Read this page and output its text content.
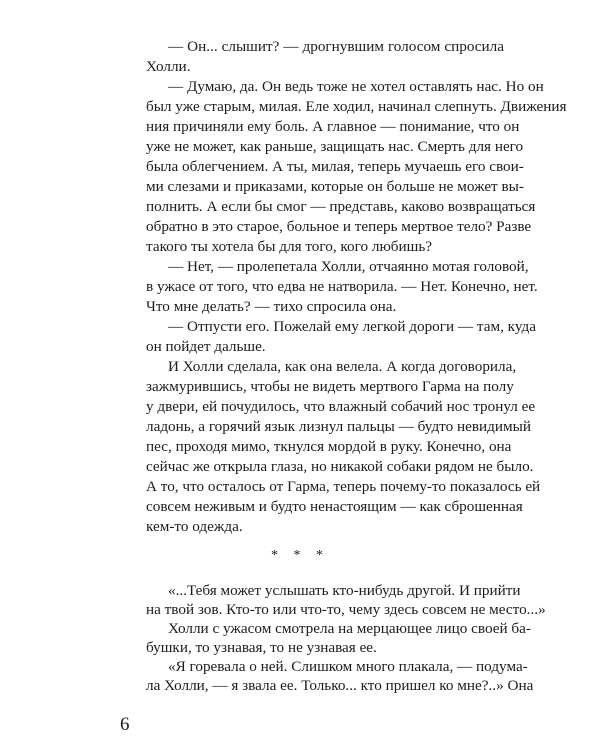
— Он... слышит? — дрогнувшим голосом спросила
Холли.
— Думаю, да. Он ведь тоже не хотел оставлять нас. Но он
был уже старым, милая. Еле ходил, начинал слепнуть. Движения
ния причиняли ему боль. А главное — понимание, что он
уже не может, как раньше, защищать нас. Смерть для него
была облегчением. А ты, милая, теперь мучаешь его свои-
ми слезами и приказами, которые он больше не может вы-
полнить. А если бы смог — представь, каково возвращаться
обратно в это старое, больное и теперь мертвое тело? Разве
такого ты хотела бы для того, кого любишь?
— Нет, — пролепетала Холли, отчаянно мотая головой,
в ужасе от того, что едва не натворила. — Нет. Конечно, нет.
Что мне делать? — тихо спросила она.
— Отпусти его. Пожелай ему легкой дороги — там, куда
он пойдет дальше.
И Холли сделала, как она велела. А когда договорила,
зажмурившись, чтобы не видеть мертвого Гарма на полу
у двери, ей почудилось, что влажный собачий нос тронул ее
ладонь, а горячий язык лизнул пальцы — будто невидимый
пес, проходя мимо, ткнулся мордой в руку. Конечно, она
сейчас же открыла глаза, но никакой собаки рядом не было.
А то, что осталось от Гарма, теперь почему-то показалось ей
совсем неживым и будто ненастоящим — как сброшенная
кем-то одежда.
* * *
«...Тебя может услышать кто-нибудь другой. И прийти
на твой зов. Кто-то или что-то, чему здесь совсем не место...»
Холли с ужасом смотрела на мерцающее лицо своей ба-
бушки, то узнавая, то не узнавая ее.
«Я горевала о ней. Слишком много плакала, — подума-
ла Холли, — я звала ее. Только... кто пришел ко мне?..» Она
6
